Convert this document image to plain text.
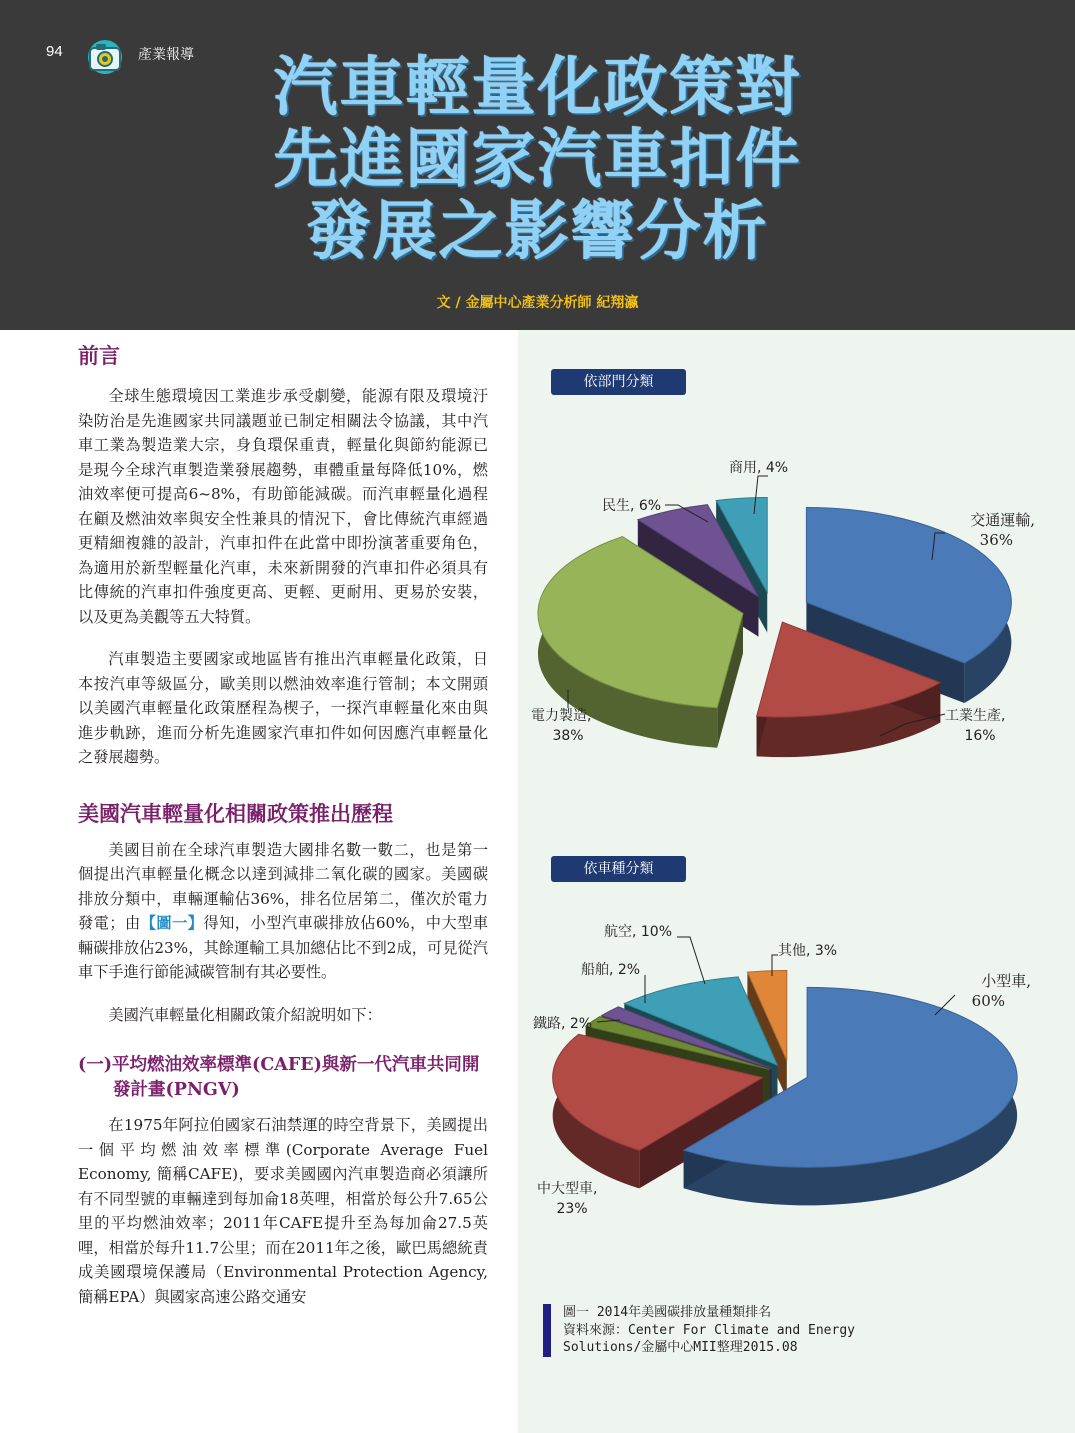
94	產業報導	汽車輕量化政策對
先進國家汽車扣件
發展之影響分析
文 / 金屬中心產業分析師 紀翔瀛
前言

全球生態環境因工業進步承受劇變，能源有限及環境汙染防治是先進國家共同議題並已制定相關法令協議，其中汽車工業為製造業大宗，身負環保重責，輕量化與節約能源已是現今全球汽車製造業發展趨勢，車體重量每降低10%，燃油效率便可提高6~8%，有助節能減碳。而汽車輕量化過程在顧及燃油效率與安全性兼具的情況下，會比傳統汽車經過更精細複雜的設計，汽車扣件在此當中即扮演著重要角色，為適用於新型輕量化汽車，未來新開發的汽車扣件必須具有比傳統的汽車扣件強度更高、更輕、更耐用、更易於安裝，以及更為美觀等五大特質。

汽車製造主要國家或地區皆有推出汽車輕量化政策，日本按汽車等級區分，歐美則以燃油效率進行管制；本文開頭以美國汽車輕量化政策歷程為楔子，一探汽車輕量化來由與進步軌跡，進而分析先進國家汽車扣件如何因應汽車輕量化之發展趨勢。

美國汽車輕量化相關政策推出歷程

美國目前在全球汽車製造大國排名數一數二，也是第一個提出汽車輕量化概念以達到減排二氧化碳的國家。美國碳排放分類中，車輛運輸佔36%，排名位居第二，僅次於電力發電；由【圖一】得知，小型汽車碳排放佔60%，中大型車輛碳排放佔23%，其餘運輸工具加總佔比不到2成，可見從汽車下手進行節能減碳管制有其必要性。

美國汽車輕量化相關政策介紹說明如下：

(一)平均燃油效率標準(CAFE)與新一代汽車共同開發計畫(PNGV)

在1975年阿拉伯國家石油禁運的時空背景下，美國提出一個平均燃油效率標準(Corporate Average Fuel Economy, 簡稱CAFE)，要求美國國內汽車製造商必須讓所有不同型號的車輛達到每加侖18英哩，相當於每公升7.65公里的平均燃油效率；2011年CAFE提升至為每加侖27.5英哩，相當於每升11.7公里；而在2011年之後，歐巴馬總統責成美國環境保護局（Environmental Protection Agency, 簡稱EPA）與國家高速公路交通安

依部門分類
交通運輸,
36%
工業生產,
16%
電力製造,
38%
民生, 6%
商用, 4%
依車種分類
航空, 10%
其他, 3%
船舶, 2%
鐵路, 2%
小型車,
60%
中大型車,
23%
圖一 2014年美國碳排放量種類排名
資料來源：Center For Climate and Energy Solutions/金屬中心MII整理2015.08
